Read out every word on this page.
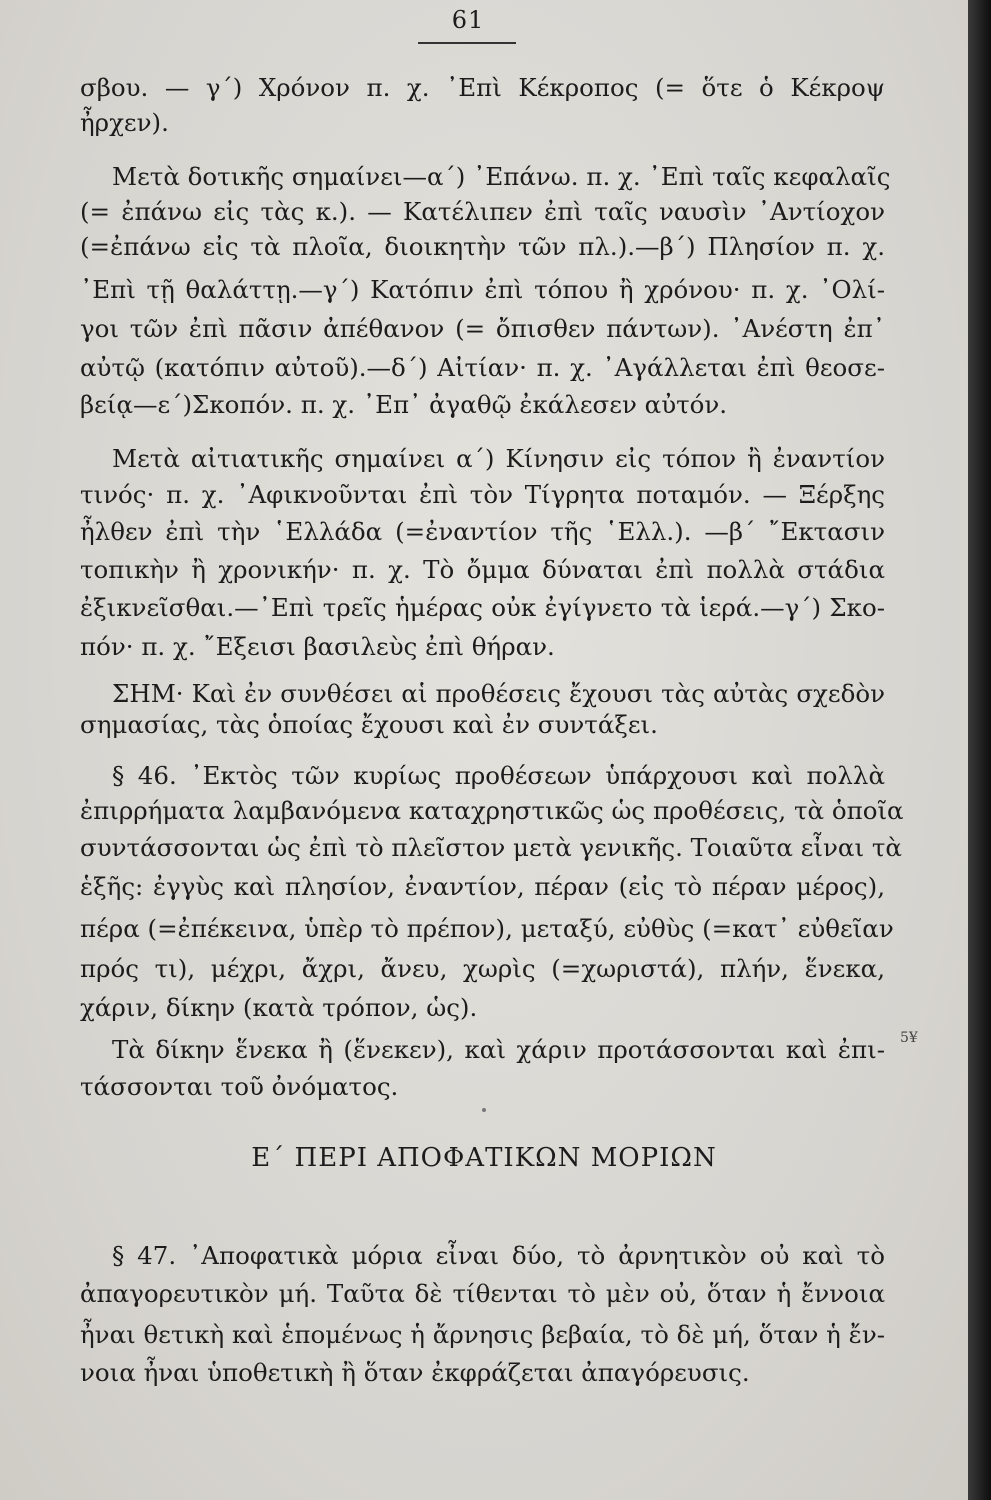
61
σβου. — γ΄) Χρόνον π. χ. ᾿Επὶ Κέκροπος (= ὅτε ὁ Κέκροψ
ἦρχεν).
Μετὰ δοτικῆς σημαίνει—α΄) ᾿Επάνω. π. χ. ᾿Επὶ ταῖς κεφαλαῖς
(= ἐπάνω εἰς τὰς κ.). — Κατέλιπεν ἐπὶ ταῖς ναυσὶν ᾿Αντίοχον
(=ἐπάνω εἰς τὰ πλοῖα, διοικητὴν τῶν πλ.).—β΄) Πλησίον π. χ.
᾿Επὶ τῇ θαλάττῃ.—γ΄) Κατόπιν ἐπὶ τόπου ἢ χρόνου· π. χ. ᾿Ολί-
γοι τῶν ἐπὶ πᾶσιν ἀπέθανον (= ὄπισθεν πάντων). ᾿Ανέστη ἐπ᾿
αὐτῷ (κατόπιν αὐτοῦ).—δ΄) Αἰτίαν· π. χ. ᾿Αγάλλεται ἐπὶ θεοσε-
βείᾳ—ε΄)Σκοπόν. π. χ. ᾿Επ᾿ ἀγαθῷ ἐκάλεσεν αὐτόν.
Μετὰ αἰτιατικῆς σημαίνει α΄) Κίνησιν εἰς τόπον ἢ ἐναντίον
τινός· π. χ. ᾿Αφικνοῦνται ἐπὶ τὸν Τίγρητα ποταμόν. — Ξέρξης
ἦλθεν ἐπὶ τὴν ῾Ελλάδα (=ἐναντίον τῆς ῾Ελλ.). —β΄ ῎Εκτασιν
τοπικὴν ἢ χρονικήν· π. χ. Τὸ ὄμμα δύναται ἐπὶ πολλὰ στάδια
ἐξικνεῖσθαι.—᾿Επὶ τρεῖς ἡμέρας οὐκ ἐγίγνετο τὰ ἱερά.—γ΄) Σκο-
πόν· π. χ. ῎Εξεισι βασιλεὺς ἐπὶ θήραν.
ΣΗΜ· Καὶ ἐν συνθέσει αἱ προθέσεις ἔχουσι τὰς αὐτὰς σχεδὸν
σημασίας, τὰς ὁποίας ἔχουσι καὶ ἐν συντάξει.
§ 46. ᾿Εκτὸς τῶν κυρίως προθέσεων ὑπάρχουσι καὶ πολλὰ
ἐπιρρήματα λαμβανόμενα καταχρηστικῶς ὡς προθέσεις, τὰ ὁποῖα
συντάσσονται ὡς ἐπὶ τὸ πλεῖστον μετὰ γενικῆς. Τοιαῦτα εἶναι τὰ
ἑξῆς: ἐγγὺς καὶ πλησίον, ἐναντίον, πέραν (εἰς τὸ πέραν μέρος),
πέρα (=ἐπέκεινα, ὑπὲρ τὸ πρέπον), μεταξύ, εὐθὺς (=κατ᾿ εὐθεῖαν
πρός τι), μέχρι, ἄχρι, ἄνευ, χωρὶς (=χωριστά), πλήν, ἕνεκα,
χάριν, δίκην (κατὰ τρόπον, ὡς).
5¥
Τὰ δίκην ἕνεκα ἢ (ἕνεκεν), καὶ χάριν προτάσσονται καὶ ἐπι-
τάσσονται τοῦ ὀνόματος.
Ε΄ ΠΕΡΙ ΑΠΟΦΑΤΙΚΩΝ ΜΟΡΙΩΝ
§ 47. ᾿Αποφατικὰ μόρια εἶναι δύο, τὸ ἀρνητικὸν οὐ καὶ τὸ
ἀπαγορευτικὸν μή. Ταῦτα δὲ τίθενται τὸ μὲν οὐ, ὅταν ἡ ἔννοια
ἦναι θετικὴ καὶ ἑπομένως ἡ ἄρνησις βεβαία, τὸ δὲ μή, ὅταν ἡ ἔν-
νοια ἦναι ὑποθετικὴ ἢ ὅταν ἐκφράζεται ἀπαγόρευσις.
